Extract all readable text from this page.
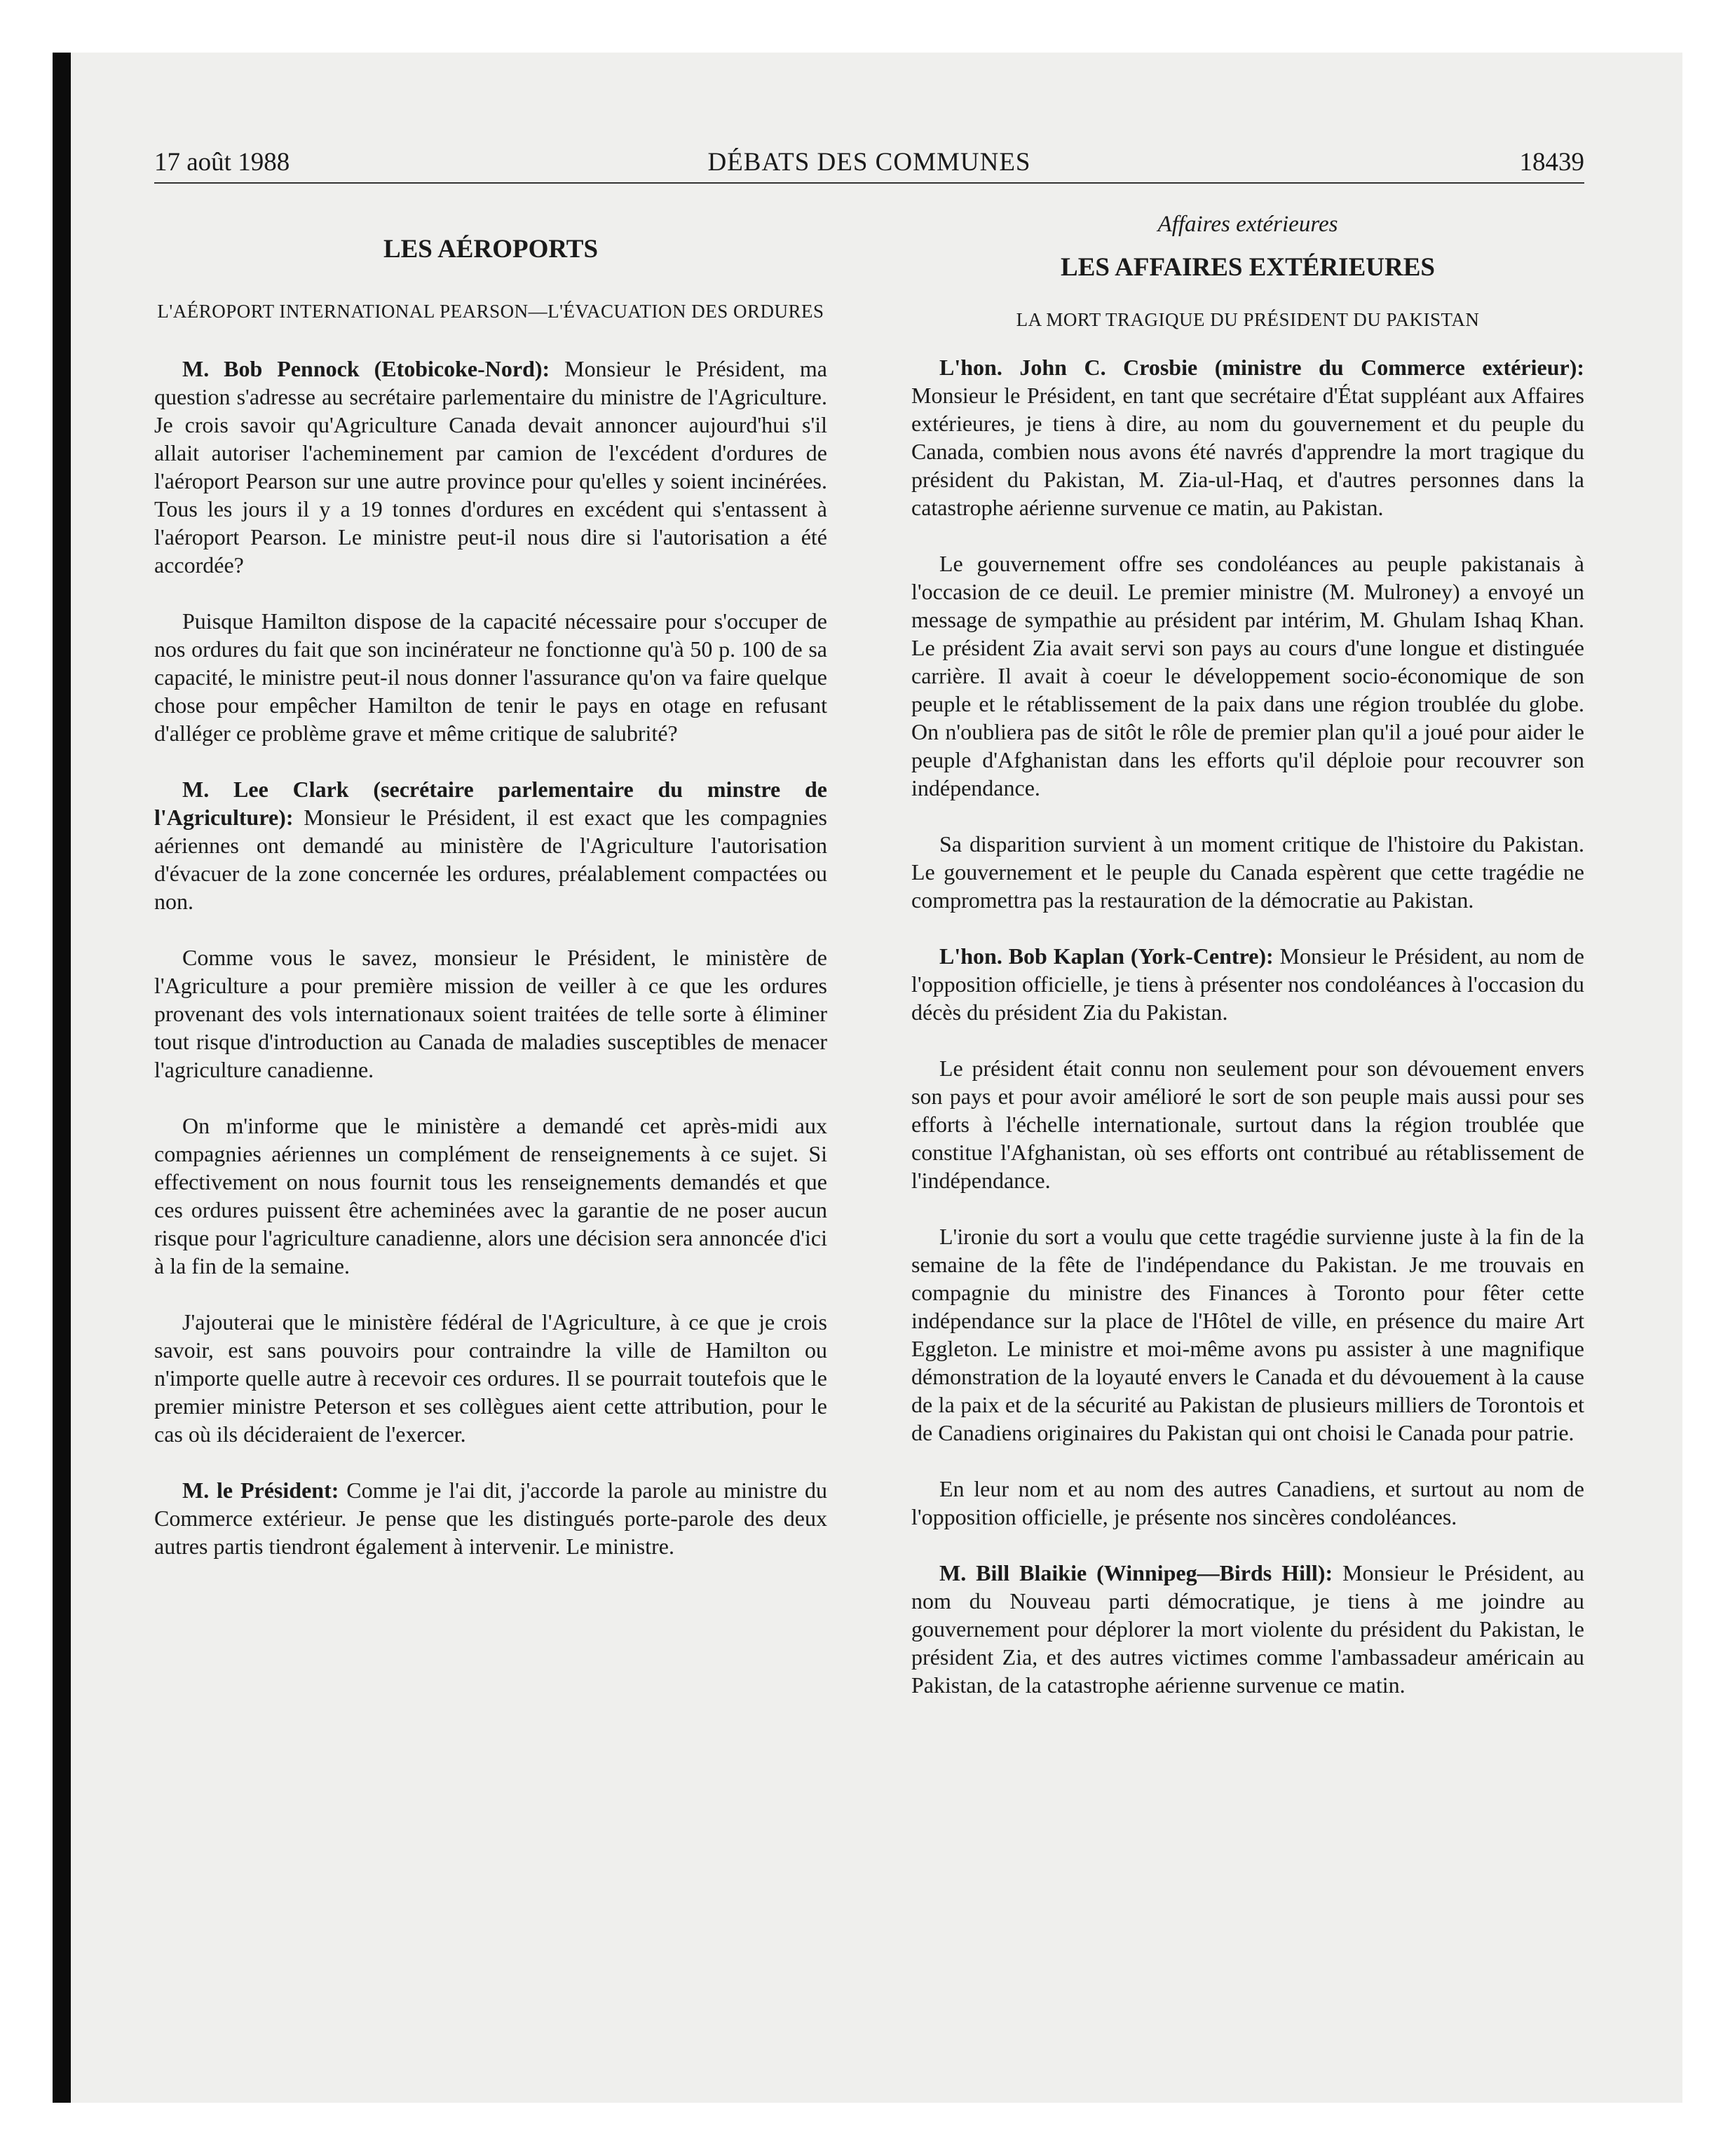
17 août 1988	DÉBATS DES COMMUNES	18439
LES AÉROPORTS
L'AÉROPORT INTERNATIONAL PEARSON—L'ÉVACUATION DES ORDURES

M. Bob Pennock (Etobicoke-Nord): Monsieur le Président, ma question s'adresse au secrétaire parlementaire du ministre de l'Agriculture. Je crois savoir qu'Agriculture Canada devait annoncer aujourd'hui s'il allait autoriser l'acheminement par camion de l'excédent d'ordures de l'aéroport Pearson sur une autre province pour qu'elles y soient incinérées. Tous les jours il y a 19 tonnes d'ordures en excédent qui s'entassent à l'aéroport Pearson. Le ministre peut-il nous dire si l'autorisation a été accordée?

Puisque Hamilton dispose de la capacité nécessaire pour s'occuper de nos ordures du fait que son incinérateur ne fonctionne qu'à 50 p. 100 de sa capacité, le ministre peut-il nous donner l'assurance qu'on va faire quelque chose pour empêcher Hamilton de tenir le pays en otage en refusant d'alléger ce problème grave et même critique de salubrité?

M. Lee Clark (secrétaire parlementaire du minstre de l'Agriculture): Monsieur le Président, il est exact que les compagnies aériennes ont demandé au ministère de l'Agriculture l'autorisation d'évacuer de la zone concernée les ordures, préalablement compactées ou non.

Comme vous le savez, monsieur le Président, le ministère de l'Agriculture a pour première mission de veiller à ce que les ordures provenant des vols internationaux soient traitées de telle sorte à éliminer tout risque d'introduction au Canada de maladies susceptibles de menacer l'agriculture canadienne.

On m'informe que le ministère a demandé cet après-midi aux compagnies aériennes un complément de renseignements à ce sujet. Si effectivement on nous fournit tous les renseignements demandés et que ces ordures puissent être acheminées avec la garantie de ne poser aucun risque pour l'agriculture canadienne, alors une décision sera annoncée d'ici à la fin de la semaine.

J'ajouterai que le ministère fédéral de l'Agriculture, à ce que je crois savoir, est sans pouvoirs pour contraindre la ville de Hamilton ou n'importe quelle autre à recevoir ces ordures. Il se pourrait toutefois que le premier ministre Peterson et ses collègues aient cette attribution, pour le cas où ils décideraient de l'exercer.

M. le Président: Comme je l'ai dit, j'accorde la parole au ministre du Commerce extérieur. Je pense que les distingués porte-parole des deux autres partis tiendront également à intervenir. Le ministre.

Affaires extérieures
LES AFFAIRES EXTÉRIEURES
LA MORT TRAGIQUE DU PRÉSIDENT DU PAKISTAN

L'hon. John C. Crosbie (ministre du Commerce extérieur): Monsieur le Président, en tant que secrétaire d'État suppléant aux Affaires extérieures, je tiens à dire, au nom du gouvernement et du peuple du Canada, combien nous avons été navrés d'apprendre la mort tragique du président du Pakistan, M. Zia-ul-Haq, et d'autres personnes dans la catastrophe aérienne survenue ce matin, au Pakistan.

Le gouvernement offre ses condoléances au peuple pakistanais à l'occasion de ce deuil. Le premier ministre (M. Mulroney) a envoyé un message de sympathie au président par intérim, M. Ghulam Ishaq Khan. Le président Zia avait servi son pays au cours d'une longue et distinguée carrière. Il avait à coeur le développement socio-économique de son peuple et le rétablissement de la paix dans une région troublée du globe. On n'oubliera pas de sitôt le rôle de premier plan qu'il a joué pour aider le peuple d'Afghanistan dans les efforts qu'il déploie pour recouvrer son indépendance.

Sa disparition survient à un moment critique de l'histoire du Pakistan. Le gouvernement et le peuple du Canada espèrent que cette tragédie ne compromettra pas la restauration de la démocratie au Pakistan.

L'hon. Bob Kaplan (York-Centre): Monsieur le Président, au nom de l'opposition officielle, je tiens à présenter nos condoléances à l'occasion du décès du président Zia du Pakistan.

Le président était connu non seulement pour son dévouement envers son pays et pour avoir amélioré le sort de son peuple mais aussi pour ses efforts à l'échelle internationale, surtout dans la région troublée que constitue l'Afghanistan, où ses efforts ont contribué au rétablissement de l'indépendance.

L'ironie du sort a voulu que cette tragédie survienne juste à la fin de la semaine de la fête de l'indépendance du Pakistan. Je me trouvais en compagnie du ministre des Finances à Toronto pour fêter cette indépendance sur la place de l'Hôtel de ville, en présence du maire Art Eggleton. Le ministre et moi-même avons pu assister à une magnifique démonstration de la loyauté envers le Canada et du dévouement à la cause de la paix et de la sécurité au Pakistan de plusieurs milliers de Torontois et de Canadiens originaires du Pakistan qui ont choisi le Canada pour patrie.

En leur nom et au nom des autres Canadiens, et surtout au nom de l'opposition officielle, je présente nos sincères condoléances.

M. Bill Blaikie (Winnipeg—Birds Hill): Monsieur le Président, au nom du Nouveau parti démocratique, je tiens à me joindre au gouvernement pour déplorer la mort violente du président du Pakistan, le président Zia, et des autres victimes comme l'ambassadeur américain au Pakistan, de la catastrophe aérienne survenue ce matin.
